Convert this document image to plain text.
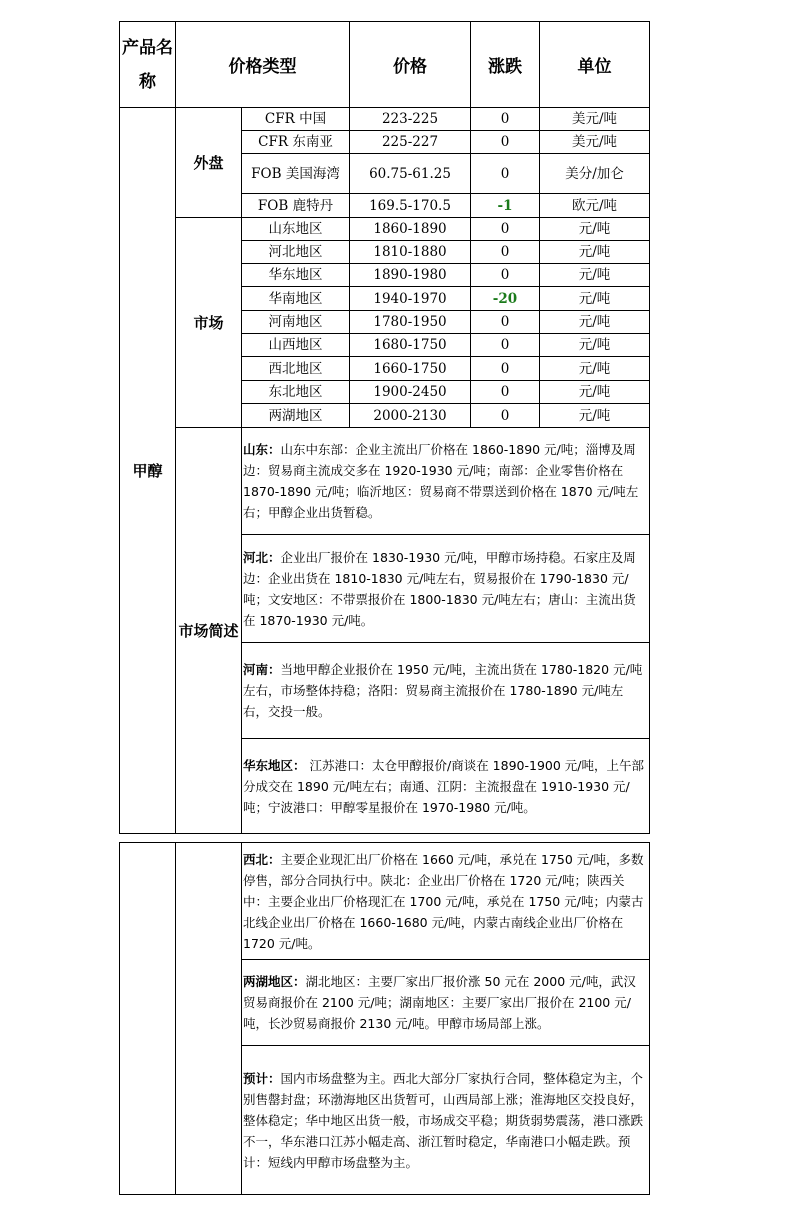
产品名称	价格类型		价格	涨跌	单位
甲醇	外盘	CFR 中国	223-225	0	美元/吨
		CFR 东南亚	225-227	0	美元/吨
		FOB 美国海湾	60.75-61.25	0	美分/加仑
		FOB 鹿特丹	169.5-170.5	-1	欧元/吨
	市场	山东地区	1860-1890	0	元/吨
		河北地区	1810-1880	0	元/吨
		华东地区	1890-1980	0	元/吨
		华南地区	1940-1970	-20	元/吨
		河南地区	1780-1950	0	元/吨
		山西地区	1680-1750	0	元/吨
		西北地区	1660-1750	0	元/吨
		东北地区	1900-2450	0	元/吨
		两湖地区	2000-2130	0	元/吨
	市场简述	山东：山东中东部：企业主流出厂价格在 1860-1890 元/吨；淄博及周边：贸易商主流成交多在 1920-1930 元/吨；南部：企业零售价格在 1870-1890 元/吨；临沂地区：贸易商不带票送到价格在 1870 元/吨左右；甲醇企业出货暂稳。			
		河北：企业出厂报价在 1830-1930 元/吨，甲醇市场持稳。石家庄及周边：企业出货在 1810-1830 元/吨左右，贸易报价在 1790-1830 元/吨；文安地区：不带票报价在 1800-1830 元/吨左右；唐山：主流出货在 1870-1930 元/吨。			
		河南：当地甲醇企业报价在 1950 元/吨，主流出货在 1780-1820 元/吨左右，市场整体持稳；洛阳：贸易商主流报价在 1780-1890 元/吨左右，交投一般。			
		华东地区： 江苏港口：太仓甲醇报价/商谈在 1890-1900 元/吨，上午部分成交在 1890 元/吨左右；南通、江阴：主流报盘在 1910-1930 元/吨；宁波港口：甲醇零星报价在 1970-1980 元/吨。			
		西北：主要企业现汇出厂价格在 1660 元/吨，承兑在 1750 元/吨，多数停售，部分合同执行中。陕北：企业出厂价格在 1720 元/吨；陕西关中：主要企业出厂价格现汇在 1700 元/吨，承兑在 1750 元/吨；内蒙古北线企业出厂价格在 1660-1680 元/吨，内蒙古南线企业出厂价格在 1720 元/吨。
两湖地区：湖北地区：主要厂家出厂报价涨 50 元在 2000 元/吨，武汉贸易商报价在 2100 元/吨；湖南地区：主要厂家出厂报价在 2100 元/吨，长沙贸易商报价 2130 元/吨。甲醇市场局部上涨。
预计：国内市场盘整为主。西北大部分厂家执行合同，整体稳定为主，个别售罄封盘；环渤海地区出货暂可，山西局部上涨；淮海地区交投良好，整体稳定；华中地区出货一般，市场成交平稳；期货弱势震荡，港口涨跌不一，华东港口江苏小幅走高、浙江暂时稳定，华南港口小幅走跌。预计：短线内甲醇市场盘整为主。
